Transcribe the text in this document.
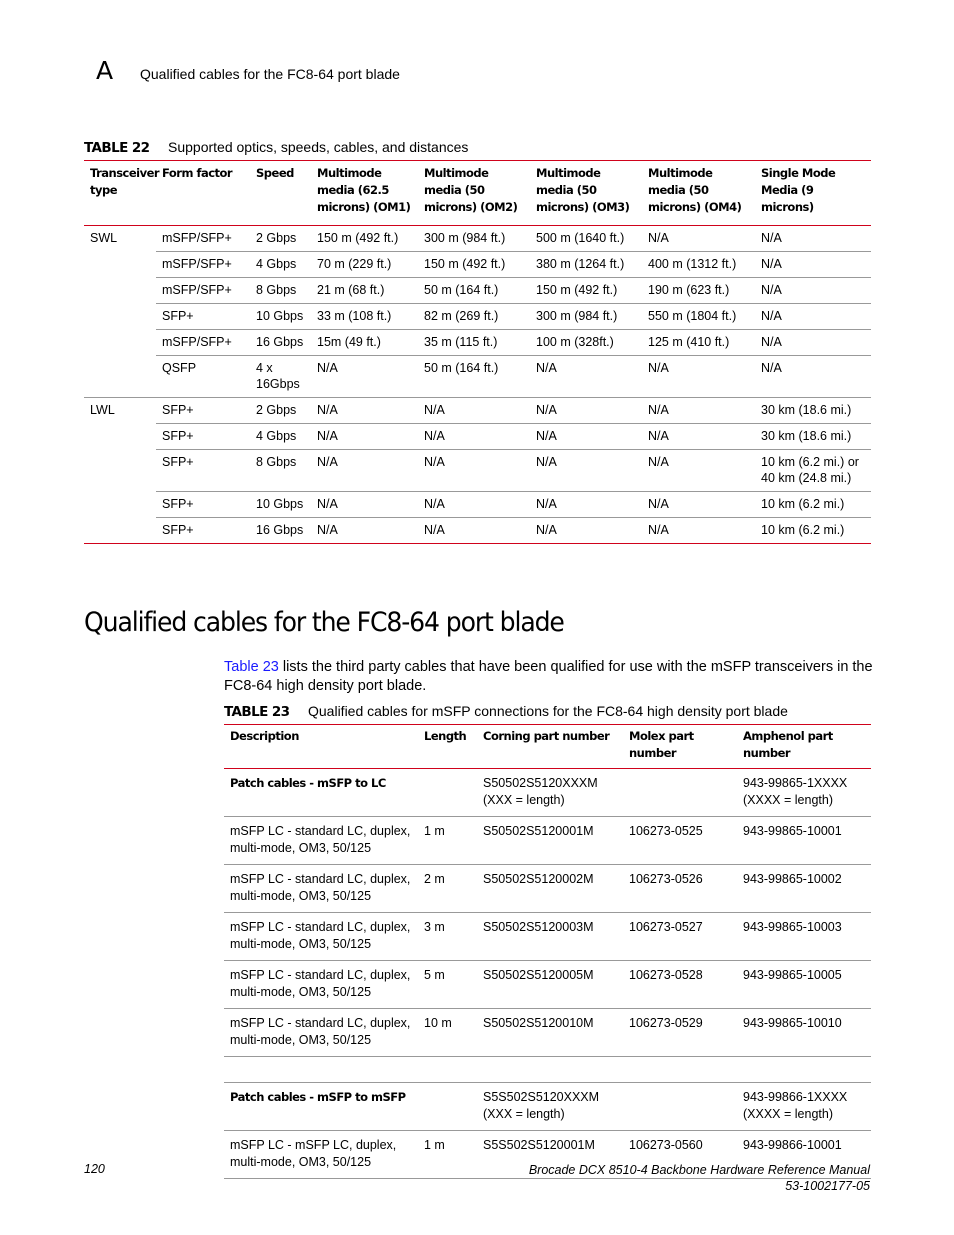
A Qualified cables for the FC8-64 port blade
TABLE 22 Supported optics, speeds, cables, and distances
Transceiver type	Form factor	Speed	Multimode media (62.5 microns) (OM1)	Multimode media (50 microns) (OM2)	Multimode media (50 microns) (OM3)	Multimode media (50 microns) (OM4)	Single Mode Media (9 microns)
SWL	mSFP/SFP+	2 Gbps	150 m (492 ft.)	300 m (984 ft.)	500 m (1640 ft.)	N/A	N/A
	mSFP/SFP+	4 Gbps	70 m (229 ft.)	150 m (492 ft.)	380 m (1264 ft.)	400 m (1312 ft.)	N/A
	mSFP/SFP+	8 Gbps	21 m (68 ft.)	50 m (164 ft.)	150 m (492 ft.)	190 m (623 ft.)	N/A
	SFP+	10 Gbps	33 m (108 ft.)	82 m (269 ft.)	300 m (984 ft.)	550 m (1804 ft.)	N/A
	mSFP/SFP+	16 Gbps	15m (49 ft.)	35 m (115 ft.)	100 m (328ft.)	125 m (410 ft.)	N/A
	QSFP	4 x 16Gbps	N/A	50 m (164 ft.)	N/A	N/A	N/A
LWL	SFP+	2 Gbps	N/A	N/A	N/A	N/A	30 km (18.6 mi.)
	SFP+	4 Gbps	N/A	N/A	N/A	N/A	30 km (18.6 mi.)
	SFP+	8 Gbps	N/A	N/A	N/A	N/A	10 km (6.2 mi.) or 40 km (24.8 mi.)
	SFP+	10 Gbps	N/A	N/A	N/A	N/A	10 km (6.2 mi.)
	SFP+	16 Gbps	N/A	N/A	N/A	N/A	10 km (6.2 mi.)
Qualified cables for the FC8-64 port blade
Table 23 lists the third party cables that have been qualified for use with the mSFP transceivers in the FC8-64 high density port blade.
TABLE 23 Qualified cables for mSFP connections for the FC8-64 high density port blade
Description	Length	Corning part number	Molex part number	Amphenol part number
Patch cables - mSFP to LC		S50502S5120XXXM (XXX = length)		943-99865-1XXXX (XXXX = length)
mSFP LC - standard LC, duplex, multi-mode, OM3, 50/125	1 m	S50502S5120001M	106273-0525	943-99865-10001
mSFP LC - standard LC, duplex, multi-mode, OM3, 50/125	2 m	S50502S5120002M	106273-0526	943-99865-10002
mSFP LC - standard LC, duplex, multi-mode, OM3, 50/125	3 m	S50502S5120003M	106273-0527	943-99865-10003
mSFP LC - standard LC, duplex, multi-mode, OM3, 50/125	5 m	S50502S5120005M	106273-0528	943-99865-10005
mSFP LC - standard LC, duplex, multi-mode, OM3, 50/125	10 m	S50502S5120010M	106273-0529	943-99865-10010

Patch cables - mSFP to mSFP		S5S502S5120XXXM (XXX = length)		943-99866-1XXXX (XXXX = length)
mSFP LC - mSFP LC, duplex, multi-mode, OM3, 50/125	1 m	S5S502S5120001M	106273-0560	943-99866-10001
120	Brocade DCX 8510-4 Backbone Hardware Reference Manual
53-1002177-05
